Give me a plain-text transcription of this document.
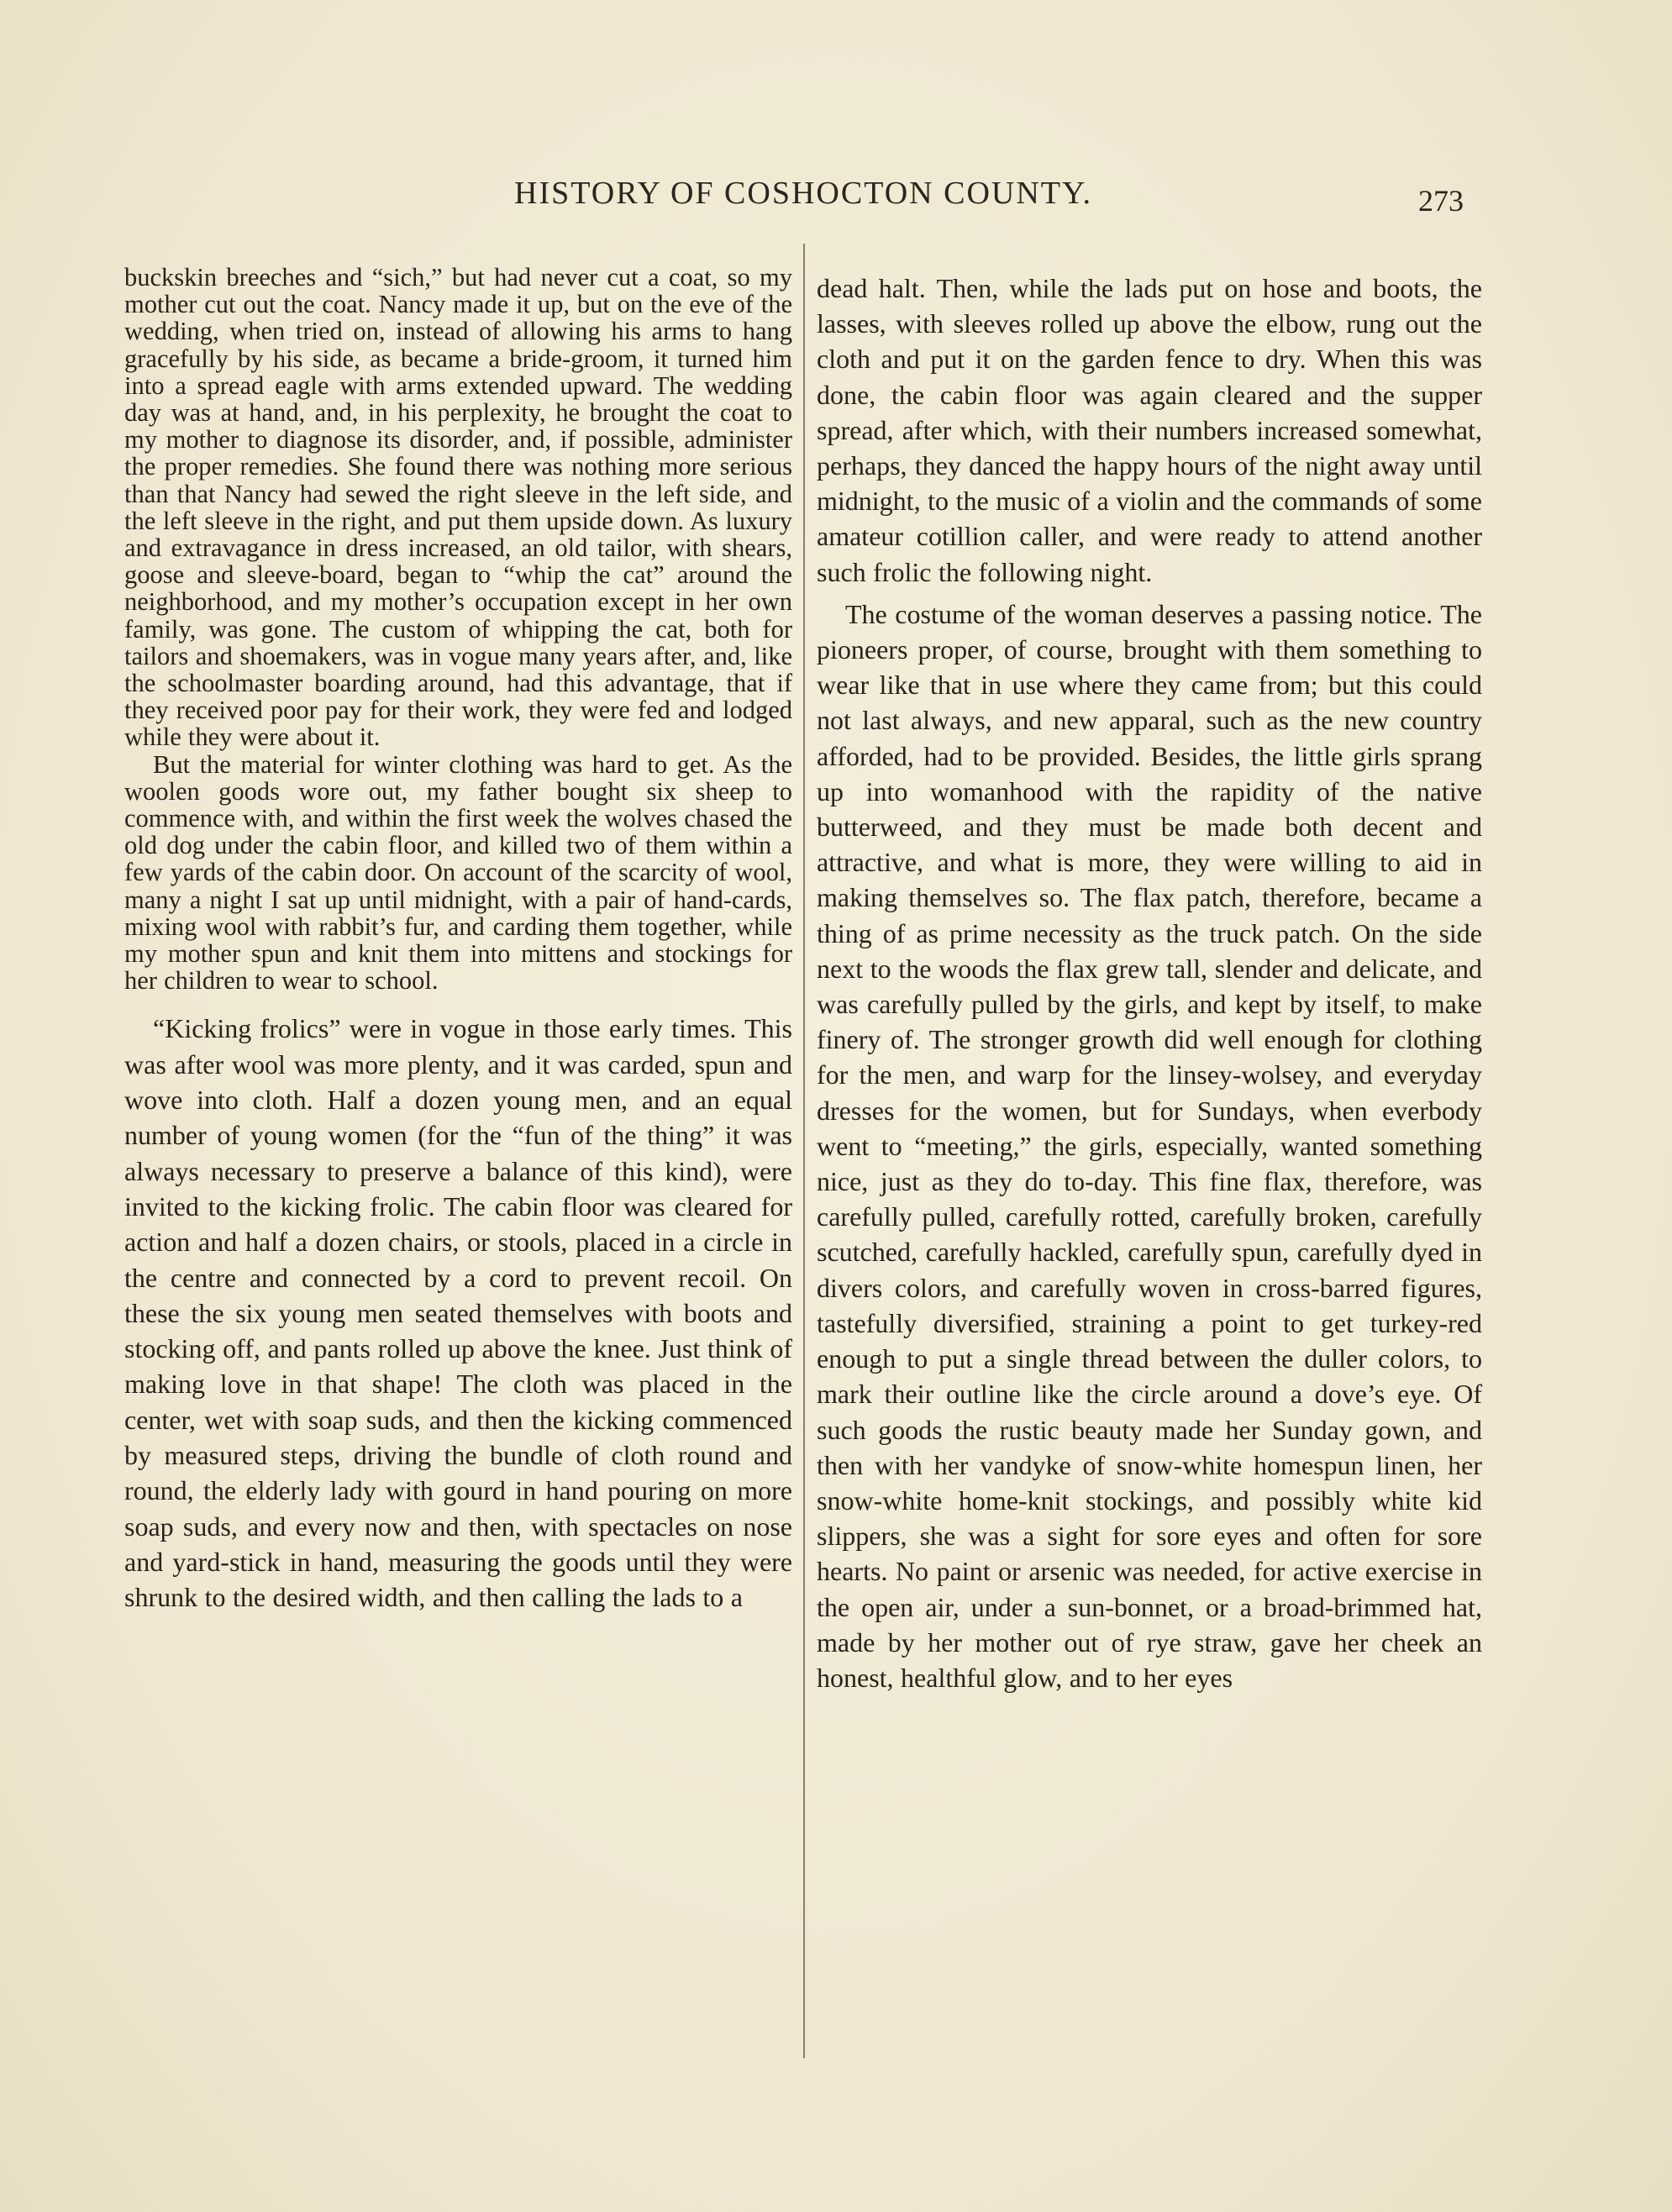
HISTORY OF COSHOCTON COUNTY.	273

buckskin breeches and “sich,” but had never cut a coat, so my mother cut out the coat. Nancy made it up, but on the eve of the wedding, when tried on, instead of allowing his arms to hang gracefully by his side, as became a bride-groom, it turned him into a spread eagle with arms extended upward. The wedding day was at hand, and, in his perplexity, he brought the coat to my mother to diagnose its disorder, and, if possible, administer the proper remedies. She found there was nothing more serious than that Nancy had sewed the right sleeve in the left side, and the left sleeve in the right, and put them upside down. As luxury and extravagance in dress increased, an old tailor, with shears, goose and sleeve-board, began to “whip the cat” around the neighborhood, and my mother’s occupation except in her own family, was gone. The custom of whipping the cat, both for tailors and shoemakers, was in vogue many years after, and, like the schoolmaster boarding around, had this advantage, that if they received poor pay for their work, they were fed and lodged while they were about it.

But the material for winter clothing was hard to get. As the woolen goods wore out, my father bought six sheep to commence with, and within the first week the wolves chased the old dog under the cabin floor, and killed two of them within a few yards of the cabin door. On account of the scarcity of wool, many a night I sat up until midnight, with a pair of hand-cards, mixing wool with rabbit’s fur, and carding them together, while my mother spun and knit them into mittens and stockings for her children to wear to school.

“Kicking frolics” were in vogue in those early times. This was after wool was more plenty, and it was carded, spun and wove into cloth. Half a dozen young men, and an equal number of young women (for the “fun of the thing” it was always necessary to preserve a balance of this kind), were invited to the kicking frolic. The cabin floor was cleared for action and half a dozen chairs, or stools, placed in a circle in the centre and connected by a cord to prevent recoil. On these the six young men seated themselves with boots and stocking off, and pants rolled up above the knee. Just think of making love in that shape! The cloth was placed in the center, wet with soap suds, and then the kicking commenced by measured steps, driving the bundle of cloth round and round, the elderly lady with gourd in hand pouring on more soap suds, and every now and then, with spectacles on nose and yard-stick in hand, measuring the goods until they were shrunk to the desired width, and then calling the lads to a

dead halt. Then, while the lads put on hose and boots, the lasses, with sleeves rolled up above the elbow, rung out the cloth and put it on the garden fence to dry. When this was done, the cabin floor was again cleared and the supper spread, after which, with their numbers increased somewhat, perhaps, they danced the happy hours of the night away until midnight, to the music of a violin and the commands of some amateur cotillion caller, and were ready to attend another such frolic the following night.

The costume of the woman deserves a passing notice. The pioneers proper, of course, brought with them something to wear like that in use where they came from; but this could not last always, and new apparal, such as the new country afforded, had to be provided. Besides, the little girls sprang up into womanhood with the rapidity of the native butterweed, and they must be made both decent and attractive, and what is more, they were willing to aid in making themselves so. The flax patch, therefore, became a thing of as prime necessity as the truck patch. On the side next to the woods the flax grew tall, slender and delicate, and was carefully pulled by the girls, and kept by itself, to make finery of. The stronger growth did well enough for clothing for the men, and warp for the linsey-wolsey, and everyday dresses for the women, but for Sundays, when everbody went to “meeting,” the girls, especially, wanted something nice, just as they do to-day. This fine flax, therefore, was carefully pulled, carefully rotted, carefully broken, carefully scutched, carefully hackled, carefully spun, carefully dyed in divers colors, and carefully woven in cross-barred figures, tastefully diversified, straining a point to get turkey-red enough to put a single thread between the duller colors, to mark their outline like the circle around a dove’s eye. Of such goods the rustic beauty made her Sunday gown, and then with her vandyke of snow-white homespun linen, her snow-white home-knit stockings, and possibly white kid slippers, she was a sight for sore eyes and often for sore hearts. No paint or arsenic was needed, for active exercise in the open air, under a sun-bonnet, or a broad-brimmed hat, made by her mother out of rye straw, gave her cheek an honest, healthful glow, and to her eyes
